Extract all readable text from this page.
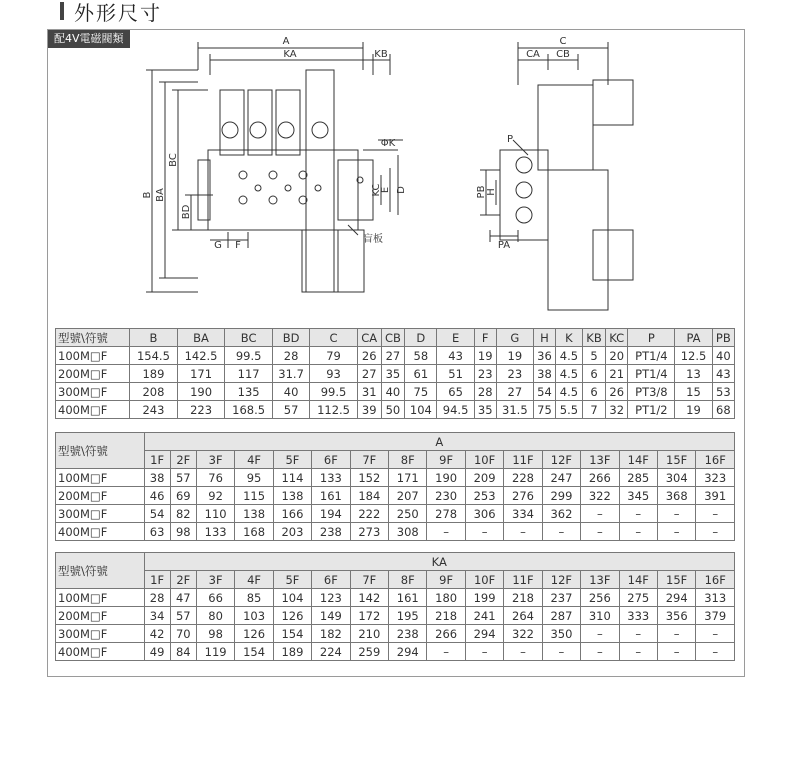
外形尺寸
配4V電磁閥類	A
KA	KB
B BA
BC
BD
G F
ΦK
KC
E D
盲板
C
CA CB
P
PB H
PA
型號\符號	B	BA	BC	BD	C	CA	CB	D	E	F	G	H	K	KB	KC	P	PA	PB
100M□F	154.5	142.5	99.5	28	79	26	27	58	43	19	19	36	4.5	5	20	PT1/4	12.5	40
200M□F	189	171	117	31.7	93	27	35	61	51	23	23	38	4.5	6	21	PT1/4	13	43
300M□F	208	190	135	40	99.5	31	40	75	65	28	27	54	4.5	6	26	PT3/8	15	53
400M□F	243	223	168.5	57	112.5	39	50	104	94.5	35	31.5	75	5.5	7	32	PT1/2	19	68
型號\符號	A															
	1F	2F	3F	4F	5F	6F	7F	8F	9F	10F	11F	12F	13F	14F	15F	16F
100M□F	38	57	76	95	114	133	152	171	190	209	228	247	266	285	304	323
200M□F	46	69	92	115	138	161	184	207	230	253	276	299	322	345	368	391
300M□F	54	82	110	138	166	194	222	250	278	306	334	362	–	–	–	–
400M□F	63	98	133	168	203	238	273	308	–	–	–	–	–	–	–	–
型號\符號	KA															
	1F	2F	3F	4F	5F	6F	7F	8F	9F	10F	11F	12F	13F	14F	15F	16F
100M□F	28	47	66	85	104	123	142	161	180	199	218	237	256	275	294	313
200M□F	34	57	80	103	126	149	172	195	218	241	264	287	310	333	356	379
300M□F	42	70	98	126	154	182	210	238	266	294	322	350	–	–	–	–
400M□F	49	84	119	154	189	224	259	294	–	–	–	–	–	–	–	–
